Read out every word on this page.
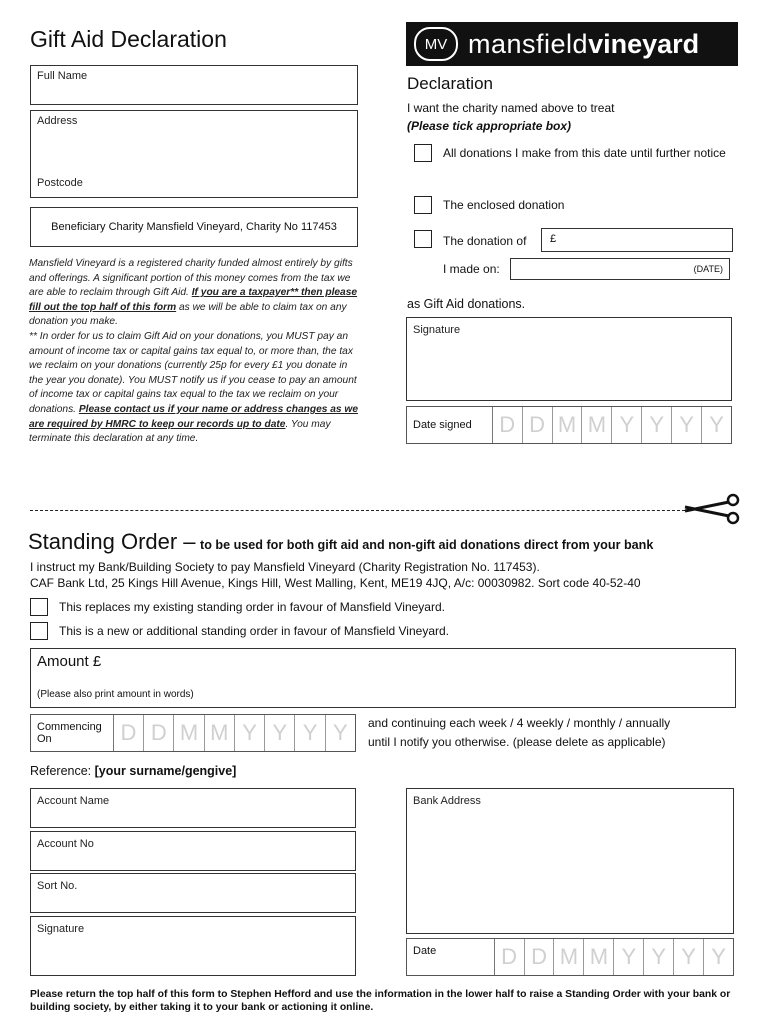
Gift Aid Declaration	MV mansfield vineyard
Full Name
Address
Postcode
Beneficiary Charity Mansfield Vineyard, Charity No 117453
Mansfield Vineyard is a registered charity funded almost entirely by gifts and offerings. A significant portion of this money comes from the tax we are able to reclaim through Gift Aid. If you are a taxpayer** then please fill out the top half of this form as we will be able to claim tax on any donation you make.
** In order for us to claim Gift Aid on your donations, you MUST pay an amount of income tax or capital gains tax equal to, or more than, the tax we reclaim on your donations (currently 25p for every £1 you donate in the year you donate). You MUST notify us if you cease to pay an amount of income tax or capital gains tax equal to the tax we reclaim on your donations. Please contact us if your name or address changes as we are required by HMRC to keep our records up to date. You may terminate this declaration at any time.
Declaration
I want the charity named above to treat
(Please tick appropriate box)
All donations I make from this date until further notice
The enclosed donation
The donation of £
I made on:	(DATE)
as Gift Aid donations.
Signature
Date signed	D D M M Y Y Y Y
Standing Order – to be used for both gift aid and non-gift aid donations direct from your bank
I instruct my Bank/Building Society to pay Mansfield Vineyard (Charity Registration No. 117453).
CAF Bank Ltd, 25 Kings Hill Avenue, Kings Hill, West Malling, Kent, ME19 4JQ, A/c: 00030982. Sort code 40-52-40
This replaces my existing standing order in favour of Mansfield Vineyard.
This is a new or additional standing order in favour of Mansfield Vineyard.
Amount £
(Please also print amount in words)
Commencing On	D D M M Y Y Y Y	and continuing each week / 4 weekly / monthly / annually
until I notify you otherwise. (please delete as applicable)
Reference: [your surname/gengive]
Account Name
Account No
Sort No.
Signature
Bank Address
Date	D D M M Y Y Y Y
Please return the top half of this form to Stephen Hefford and use the information in the lower half to raise a Standing Order with your bank or building society, by either taking it to your bank or actioning it online.
